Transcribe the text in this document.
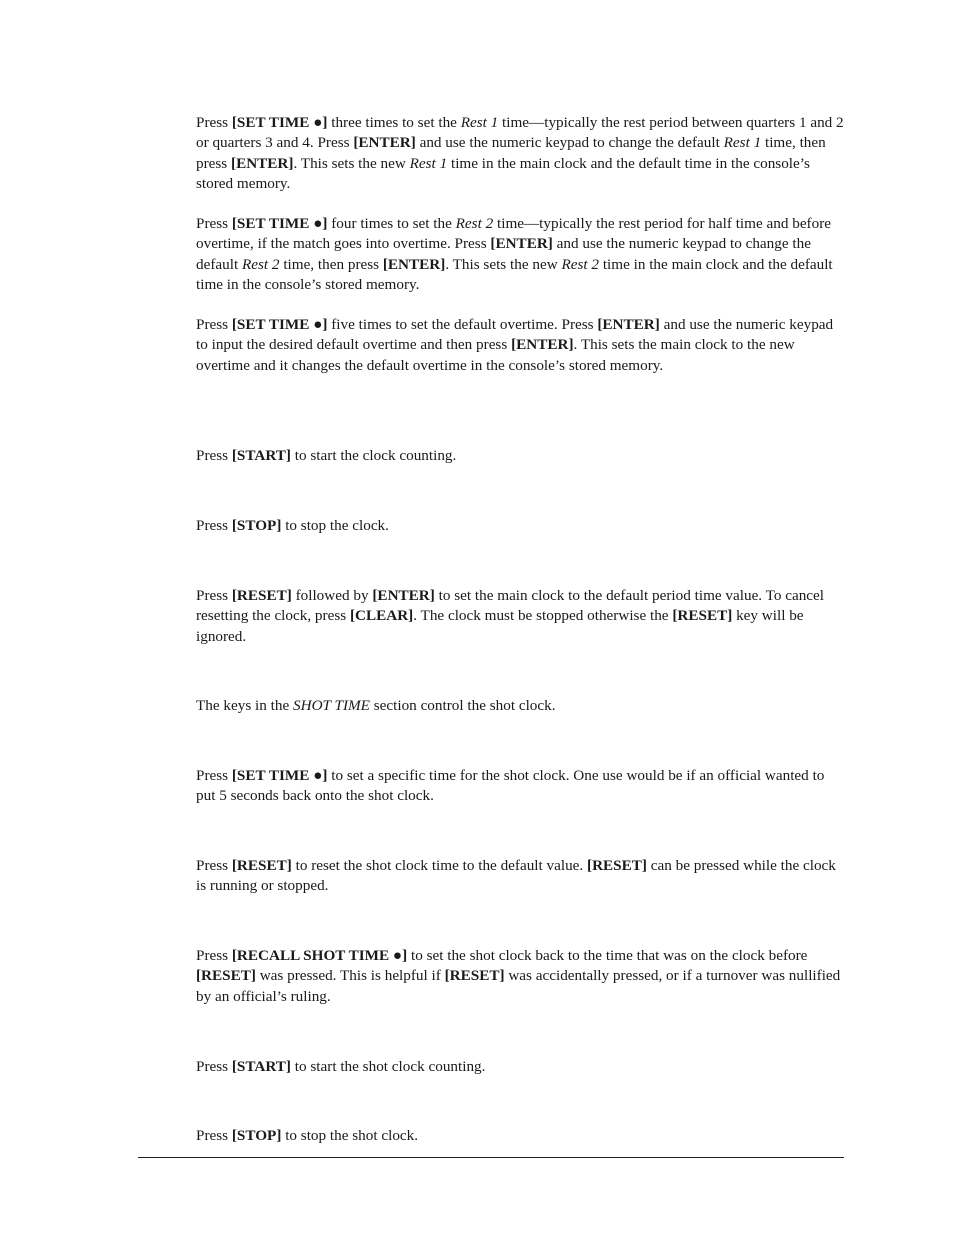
Press [SET TIME ●] three times to set the Rest 1 time—typically the rest period between quarters 1 and 2 or quarters 3 and 4. Press [ENTER] and use the numeric keypad to change the default Rest 1 time, then press [ENTER]. This sets the new Rest 1 time in the main clock and the default time in the console’s stored memory.

Press [SET TIME ●] four times to set the Rest 2 time—typically the rest period for half time and before overtime, if the match goes into overtime. Press [ENTER] and use the numeric keypad to change the default Rest 2 time, then press [ENTER]. This sets the new Rest 2 time in the main clock and the default time in the console’s stored memory.

Press [SET TIME ●] five times to set the default overtime. Press [ENTER] and use the numeric keypad to input the desired default overtime and then press [ENTER]. This sets the main clock to the new overtime and it changes the default overtime in the console’s stored memory.

Press [START] to start the clock counting.

Press [STOP] to stop the clock.

Press [RESET] followed by [ENTER] to set the main clock to the default period time value. To cancel resetting the clock, press [CLEAR]. The clock must be stopped otherwise the [RESET] key will be ignored.

The keys in the SHOT TIME section control the shot clock.

Press [SET TIME ●] to set a specific time for the shot clock. One use would be if an official wanted to put 5 seconds back onto the shot clock.

Press [RESET] to reset the shot clock time to the default value. [RESET] can be pressed while the clock is running or stopped.

Press [RECALL SHOT TIME ●] to set the shot clock back to the time that was on the clock before [RESET] was pressed. This is helpful if [RESET] was accidentally pressed, or if a turnover was nullified by an official’s ruling.

Press [START] to start the shot clock counting.

Press [STOP] to stop the shot clock.
